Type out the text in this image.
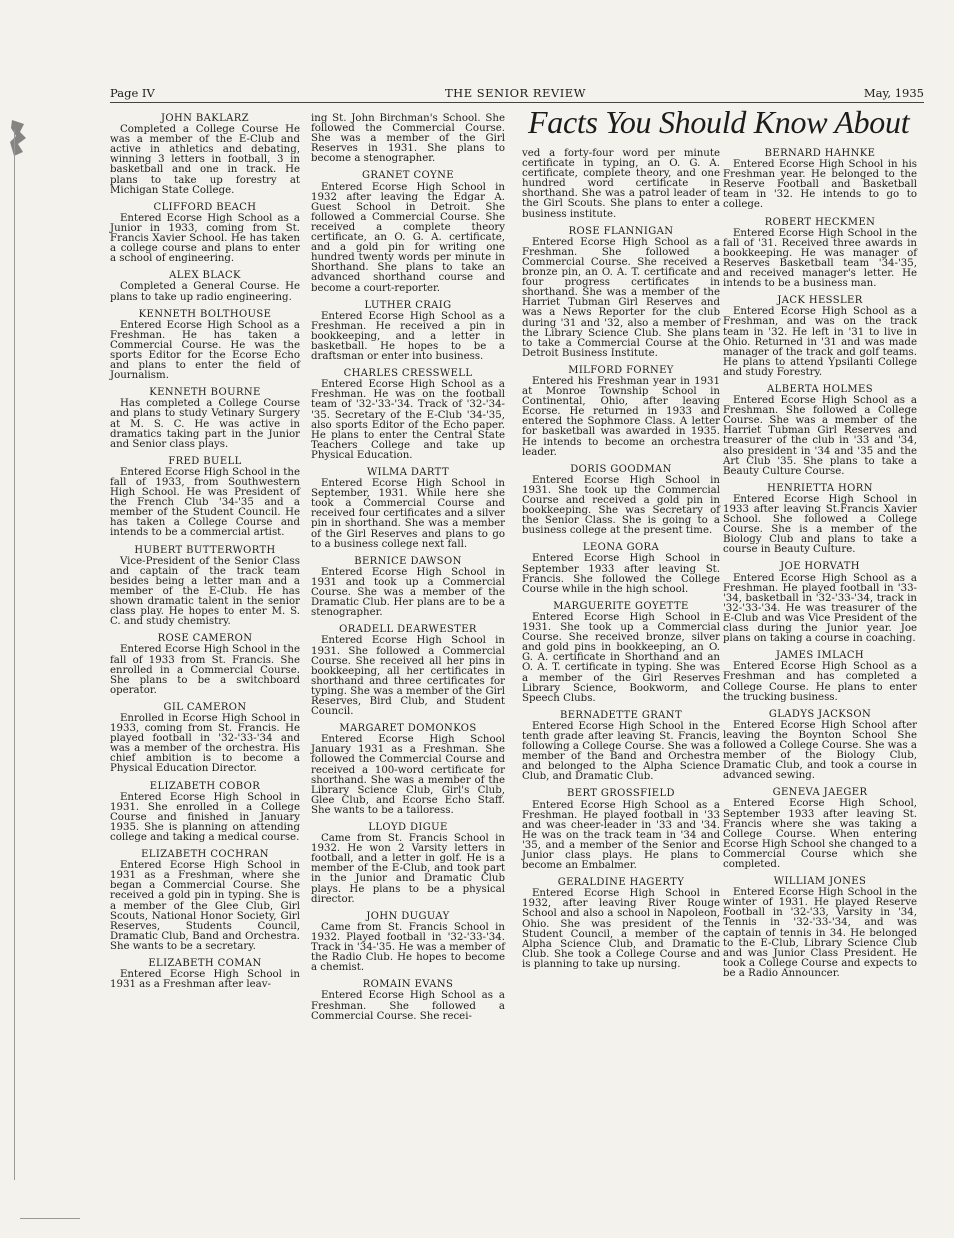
Page IV	THE SENIOR REVIEW	May, 1935
Facts You Should Know About
JOHN BAKLARZ
Completed a College Course He was a member of the E-Club and active in athletics and debating, winning 3 letters in football, 3 in basketball and one in track. He plans to take up forestry at Michigan State College.
CLIFFORD BEACH
Entered Ecorse High School as a Junior in 1933, coming from St. Francis Xavier School. He has taken a college course and plans to enter a school of engineering.
ALEX BLACK
Completed a General Course. He plans to take up radio engineering.
KENNETH BOLTHOUSE
Entered Ecorse High School as a Freshman. He has taken a Commercial Course. He was the sports Editor for the Ecorse Echo and plans to enter the field of Journalism.
KENNETH BOURNE
Has completed a College Course and plans to study Vetinary Surgery at M. S. C. He was active in dramatics taking part in the Junior and Senior class plays.
FRED BUELL
Entered Ecorse High School in the fall of 1933, from Southwestern High School. He was President of the French Club '34-'35 and a member of the Student Council. He has taken a College Course and intends to be a commercial artist.
HUBERT BUTTERWORTH
Vice-President of the Senior Class and captain of the track team besides being a letter man and a member of the E-Club. He has shown dramatic talent in the senior class play. He hopes to enter M. S. C. and study chemistry.
ROSE CAMERON
Entered Ecorse High School in the fall of 1933 from St. Francis. She enrolled in a Commercial Course. She plans to be a switchboard operator.
GIL CAMERON
Enrolled in Ecorse High School in 1933, coming from St. Francis. He played football in '32-'33-'34 and was a member of the orchestra. His chief ambition is to become a Physical Education Director.
ELIZABETH COBOR
Entered Ecorse High School in 1931. She enrolled in a College Course and finished in January 1935. She is planning on attending college and taking a medical course.
ELIZABETH COCHRAN
Entered Ecorse High School in 1931 as a Freshman, where she began a Commercial Course. She received a gold pin in typing. She is a member of the Glee Club, Girl Scouts, National Honor Society, Girl Reserves, Students Council, Dramatic Club, Band and Orchestra. She wants to be a secretary.
ELIZABETH COMAN
Entered Ecorse High School in 1931 as a Freshman after leav-
ing St. John Birchman's School. She followed the Commercial Course. She was a member of the Girl Reserves in 1931. She plans to become a stenographer.
GRANET COYNE
Entered Ecorse High School in 1932 after leaving the Edgar A. Guest School in Detroit. She followed a Commercial Course. She received a complete theory certificate, an O. G. A. certificate, and a gold pin for writing one hundred twenty words per minute in Shorthand. She plans to take an advanced shorthand course and become a court-reporter.
LUTHER CRAIG
Entered Ecorse High School as a Freshman. He received a pin in bookkeeping, and a letter in basketball. He hopes to be a draftsman or enter into business.
CHARLES CRESSWELL
Entered Ecorse High School as a Freshman. He was on the football team of '32-'33-'34. Track of '32-'34-'35. Secretary of the E-Club '34-'35, also sports Editor of the Echo paper. He plans to enter the Central State Teachers College and take up Physical Education.
WILMA DARTT
Entered Ecorse High School in September, 1931. While here she took a Commercial Course and received four certificates and a silver pin in shorthand. She was a member of the Girl Reserves and plans to go to a business college next fall.
BERNICE DAWSON
Entered Ecorse High School in 1931 and took up a Commercial Course. She was a member of the Dramatic Club. Her plans are to be a stenographer.
ORADELL DEARWESTER
Entered Ecorse High School in 1931. She followed a Commercial Course. She received all her pins in bookkeeping, all her certificates in shorthand and three certificates for typing. She was a member of the Girl Reserves, Bird Club, and Student Council.
MARGARET DOMONKOS
Entered Ecorse High School January 1931 as a Freshman. She followed the Commercial Course and received a 100-word certificate for shorthand. She was a member of the Library Science Club, Girl's Club, Glee Club, and Ecorse Echo Staff. She wants to be a tailoress.
LLOYD DIGUE
Came from St. Francis School in 1932. He won 2 Varsity letters in football, and a letter in golf. He is a member of the E-Club, and took part in the Junior and Dramatic Club plays. He plans to be a physical director.
JOHN DUGUAY
Came from St. Francis School in 1932. Played football in '32-'33-'34. Track in '34-'35. He was a member of the Radio Club. He hopes to become a chemist.
ROMAIN EVANS
Entered Ecorse High School as a Freshman. She followed a Commercial Course. She recei-
ved a forty-four word per minute certificate in typing, an O. G. A. certificate, complete theory, and one hundred word certificate in shorthand. She was a patrol leader of the Girl Scouts. She plans to enter a business institute.
ROSE FLANNIGAN
Entered Ecorse High School as a Freshman. She followed a Commercial Course. She received a bronze pin, an O. A. T. certificate and four progress certificates in shorthand. She was a member of the Harriet Tubman Girl Reserves and was a News Reporter for the club during '31 and '32, also a member of the Library Science Club. She plans to take a Commercial Course at the Detroit Business Institute.
MILFORD FORNEY
Entered his Freshman year in 1931 at Monroe Township School in Continental, Ohio, after leaving Ecorse. He returned in 1933 and entered the Sophmore Class. A letter for basketball was awarded in 1935. He intends to become an orchestra leader.
DORIS GOODMAN
Entered Ecorse High School in 1931. She took up the Commercial Course and received a gold pin in bookkeeping. She was Secretary of the Senior Class. She is going to a business college at the present time.
LEONA GORA
Entered Ecorse High School in September 1933 after leaving St. Francis. She followed the College Course while in the high school.
MARGUERITE GOYETTE
Entered Ecorse High School in 1931. She took up a Commercial Course. She received bronze, silver and gold pins in bookkeeping, an O. G. A. certificate in Shorthand and an O. A. T. certificate in typing. She was a member of the Girl Reserves Library Science, Bookworm, and Speech Clubs.
BERNADETTE GRANT
Entered Ecorse High School in the tenth grade after leaving St. Francis, following a College Course. She was a member of the Band and Orchestra and belonged to the Alpha Science Club, and Dramatic Club.
BERT GROSSFIELD
Entered Ecorse High School as a Freshman. He played football in '33 and was cheer-leader in '33 and '34. He was on the track team in '34 and '35, and a member of the Senior and Junior class plays. He plans to become an Embalmer.
GERALDINE HAGERTY
Entered Ecorse High School in 1932, after leaving River Rouge School and also a school in Napoleon, Ohio. She was president of the Student Council, a member of the Alpha Science Club, and Dramatic Club. She took a College Course and is planning to take up nursing.
BERNARD HAHNKE
Entered Ecorse High School in his Freshman year. He belonged to the Reserve Football and Basketball team in '32. He intends to go to college.
ROBERT HECKMEN
Entered Ecorse High School in the fall of '31. Received three awards in bookkeeping. He was manager of Reserves Basketball team '34-'35, and received manager's letter. He intends to be a business man.
JACK HESSLER
Entered Ecorse High School as a Freshman, and was on the track team in '32. He left in '31 to live in Ohio. Returned in '31 and was made manager of the track and golf teams. He plans to attend Ypsilanti College and study Forestry.
ALBERTA HOLMES
Entered Ecorse High School as a Freshman. She followed a College Course. She was a member of the Harriet Tubman Girl Reserves and treasurer of the club in '33 and '34, also president in '34 and '35 and the Art Club '35. She plans to take a Beauty Culture Course.
HENRIETTA HORN
Entered Ecorse High School in 1933 after leaving St.Francis Xavier School. She followed a College Course. She is a member of the Biology Club and plans to take a course in Beauty Culture.
JOE HORVATH
Entered Ecorse High School as a Freshman. He played football in '33-'34, basketball in '32-'33-'34, track in '32-'33-'34. He was treasurer of the E-Club and was Vice President of the class during the Junior year. Joe plans on taking a course in coaching.
JAMES IMLACH
Entered Ecorse High School as a Freshman and has completed a College Course. He plans to enter the trucking business.
GLADYS JACKSON
Entered Ecorse High School after leaving the Boynton School She followed a College Course. She was a member of the Biology Club, Dramatic Club, and took a course in advanced sewing.
GENEVA JAEGER
Entered Ecorse High School, September 1933 after leaving St. Francis where she was taking a College Course. When entering Ecorse High School she changed to a Commercial Course which she completed.
WILLIAM JONES
Entered Ecorse High School in the winter of 1931. He played Reserve Football in '32-'33, Varsity in '34, Tennis in '32-'33-'34, and was captain of tennis in 34. He belonged to the E-Club, Library Science Club and was Junior Class President. He took a College Course and expects to be a Radio Announcer.
